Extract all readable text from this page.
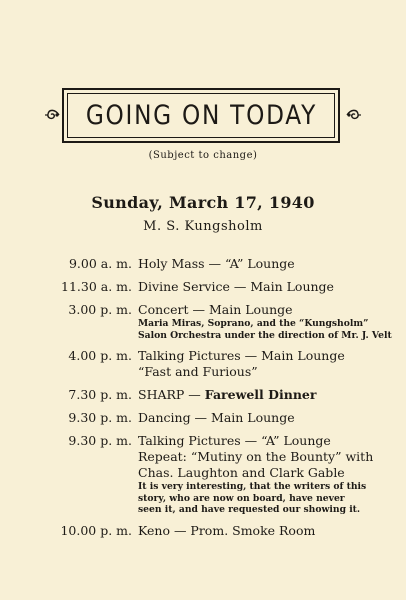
GOING ON TODAY
(Subject to change)
Sunday, March 17, 1940
M. S. Kungsholm
9.00 a. m. Holy Mass — “A” Lounge
11.30 a. m. Divine Service — Main Lounge
3.00 p. m. Concert — Main Lounge
Maria Miras, Soprano, and the “Kungsholm”
Salon Orchestra under the direction of Mr. J. Velt
4.00 p. m. Talking Pictures — Main Lounge
“Fast and Furious”
7.30 p. m. SHARP — Farewell Dinner
9.30 p. m. Dancing — Main Lounge
9.30 p. m. Talking Pictures — “A” Lounge
Repeat: “Mutiny on the Bounty” with
Chas. Laughton and Clark Gable
It is very interesting, that the writers of this
story, who are now on board, have never
seen it, and have requested our showing it.
10.00 p. m. Keno — Prom. Smoke Room
